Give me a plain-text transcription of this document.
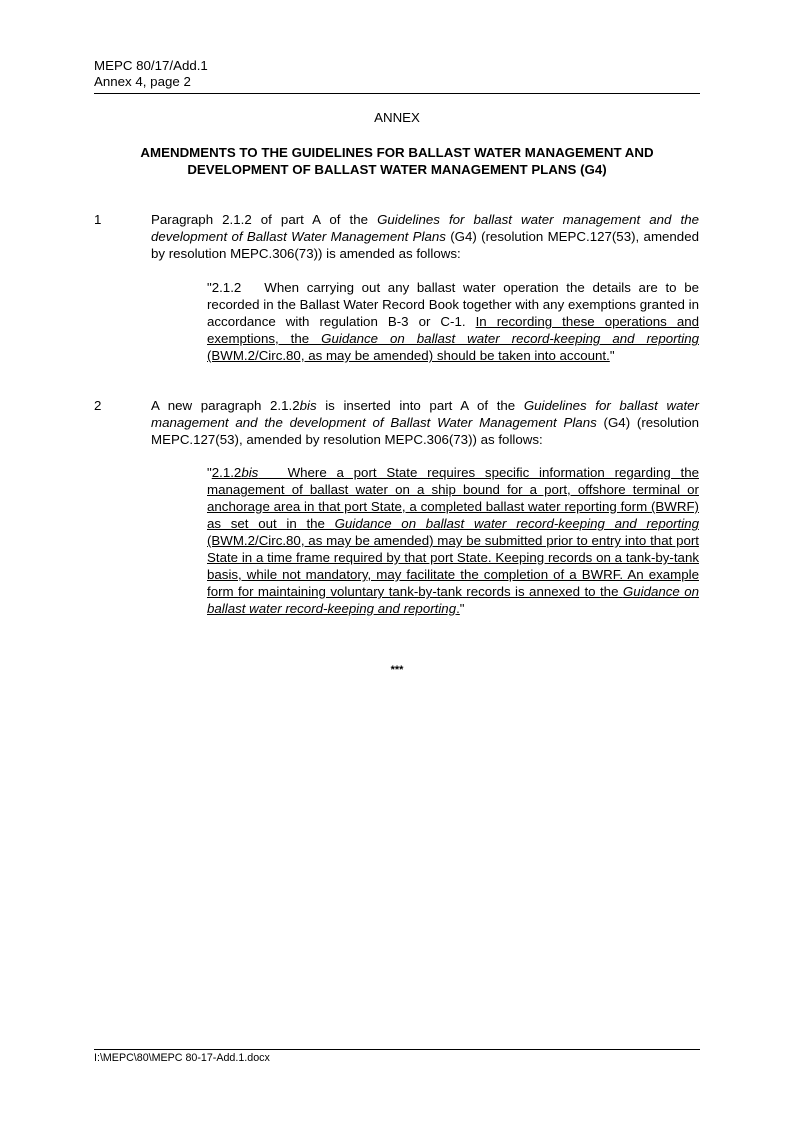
MEPC 80/17/Add.1
Annex 4, page 2
ANNEX
AMENDMENTS TO THE GUIDELINES FOR BALLAST WATER MANAGEMENT AND
DEVELOPMENT OF BALLAST WATER MANAGEMENT PLANS (G4)
1	Paragraph 2.1.2 of part A of the Guidelines for ballast water management and the development of Ballast Water Management Plans (G4) (resolution MEPC.127(53), amended by resolution MEPC.306(73)) is amended as follows:
"2.1.2   When carrying out any ballast water operation the details are to be recorded in the Ballast Water Record Book together with any exemptions granted in accordance with regulation B-3 or C-1. In recording these operations and exemptions, the Guidance on ballast water record-keeping and reporting (BWM.2/Circ.80, as may be amended) should be taken into account."
2	A new paragraph 2.1.2bis is inserted into part A of the Guidelines for ballast water management and the development of Ballast Water Management Plans (G4) (resolution MEPC.127(53), amended by resolution MEPC.306(73)) as follows:
"2.1.2bis   Where a port State requires specific information regarding the management of ballast water on a ship bound for a port, offshore terminal or anchorage area in that port State, a completed ballast water reporting form (BWRF) as set out in the Guidance on ballast water record-keeping and reporting (BWM.2/Circ.80, as may be amended) may be submitted prior to entry into that port State in a time frame required by that port State. Keeping records on a tank-by-tank basis, while not mandatory, may facilitate the completion of a BWRF. An example form for maintaining voluntary tank-by-tank records is annexed to the Guidance on ballast water record-keeping and reporting."
***
I:\MEPC\80\MEPC 80-17-Add.1.docx
